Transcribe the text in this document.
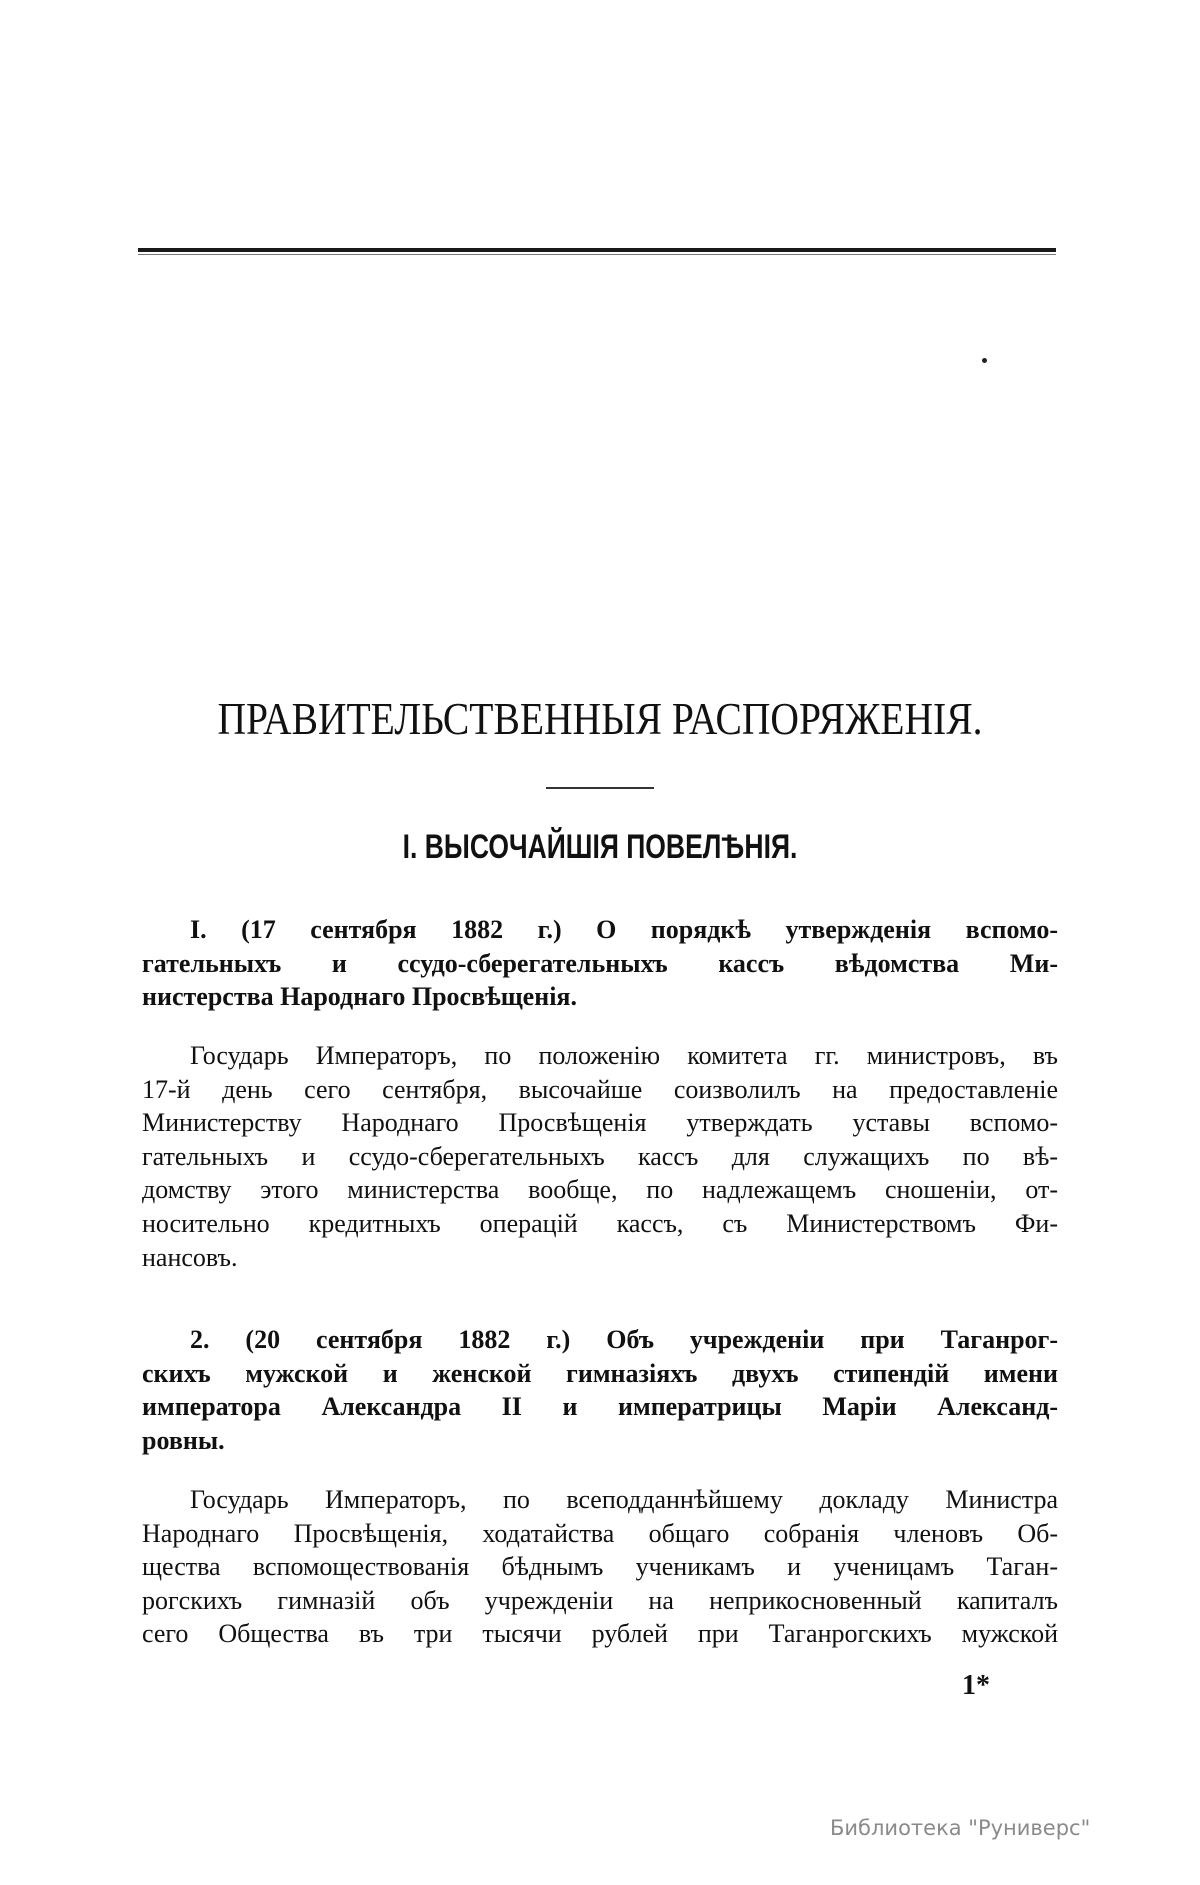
ПРАВИТЕЛЬСТВЕННЫЯ РАСПОРЯЖЕНІЯ.
I. ВЫСОЧАЙШІЯ ПОВЕЛѢНІЯ.
I. (17 сентября 1882 г.) О порядкѣ утвержденія вспомо-
гательныхъ и ссудо-сберегательныхъ кассъ вѣдомства Ми-
нистерства Народнаго Просвѣщенія.
Государь Императоръ, по положенію комитета гг. министровъ, въ
17-й день сего сентября, высочайше соизволилъ на предоставленіе
Министерству Народнаго Просвѣщенія утверждать уставы вспомо-
гательныхъ и ссудо-сберегательныхъ кассъ для служащихъ по вѣ-
домству этого министерства вообще, по надлежащемъ сношеніи, от-
носительно кредитныхъ операцій кассъ, съ Министерствомъ Фи-
нансовъ.
2. (20 сентября 1882 г.) Объ учрежденіи при Таганрог-
скихъ мужской и женской гимназіяхъ двухъ стипендій имени
императора Александра II и императрицы Маріи Александ-
ровны.
Государь Императоръ, по всеподданнѣйшему докладу Министра
Народнаго Просвѣщенія, ходатайства общаго собранія членовъ Об-
щества вспомоществованія бѣднымъ ученикамъ и ученицамъ Таган-
рогскихъ гимназій объ учрежденіи на неприкосновенный капиталъ
сего Общества въ три тысячи рублей при Таганрогскихъ мужской
1*
Библиотека "Руниверс"
